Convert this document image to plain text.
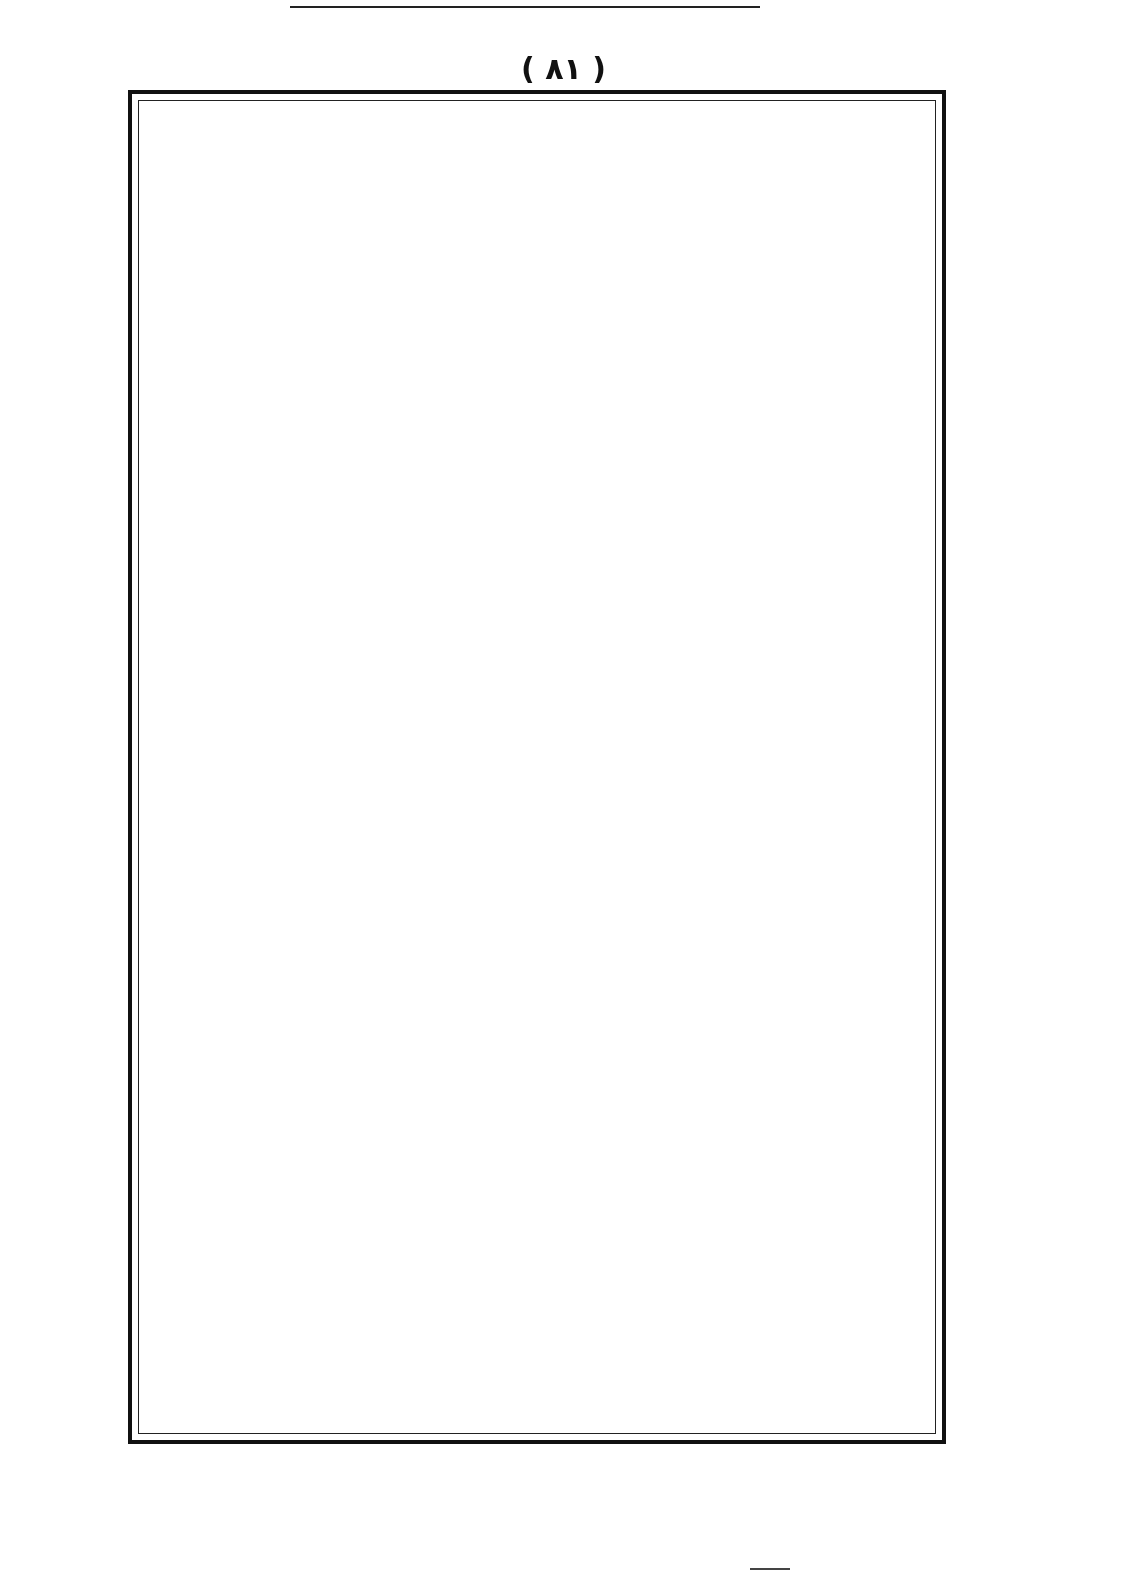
( ٨١ )
